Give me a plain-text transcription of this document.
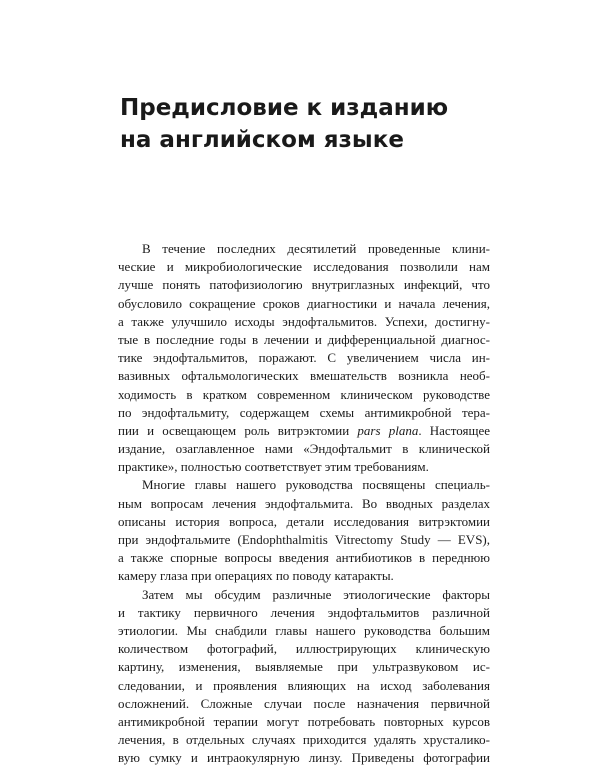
Предисловие к изданию
на английском языке
В течение последних десятилетий проведенные клини-
ческие и микробиологические исследования позволили нам
лучше понять патофизиологию внутриглазных инфекций, что
обусловило сокращение сроков диагностики и начала лечения,
а также улучшило исходы эндофтальмитов. Успехи, достигну-
тые в последние годы в лечении и дифференциальной диагнос-
тике эндофтальмитов, поражают. С увеличением числа ин-
вазивных офтальмологических вмешательств возникла необ-
ходимость в кратком современном клиническом руководстве
по эндофтальмиту, содержащем схемы антимикробной тера-
пии и освещающем роль витрэктомии pars plana. Настоящее
издание, озаглавленное нами «Эндофтальмит в клинической
практике», полностью соответствует этим требованиям.
Многие главы нашего руководства посвящены специаль-
ным вопросам лечения эндофтальмита. Во вводных разделах
описаны история вопроса, детали исследования витрэктомии
при эндофтальмите (Endophthalmitis Vitrectomy Study — EVS),
а также спорные вопросы введения антибиотиков в переднюю
камеру глаза при операциях по поводу катаракты.
Затем мы обсудим различные этиологические факторы
и тактику первичного лечения эндофтальмитов различной
этиологии. Мы снабдили главы нашего руководства большим
количеством фотографий, иллюстрирующих клиническую
картину, изменения, выявляемые при ультразвуковом ис-
следовании, и проявления влияющих на исход заболевания
осложнений. Сложные случаи после назначения первичной
антимикробной терапии могут потребовать повторных курсов
лечения, в отдельных случаях приходится удалять хрусталико-
вую сумку и интраокулярную линзу. Приведены фотографии
